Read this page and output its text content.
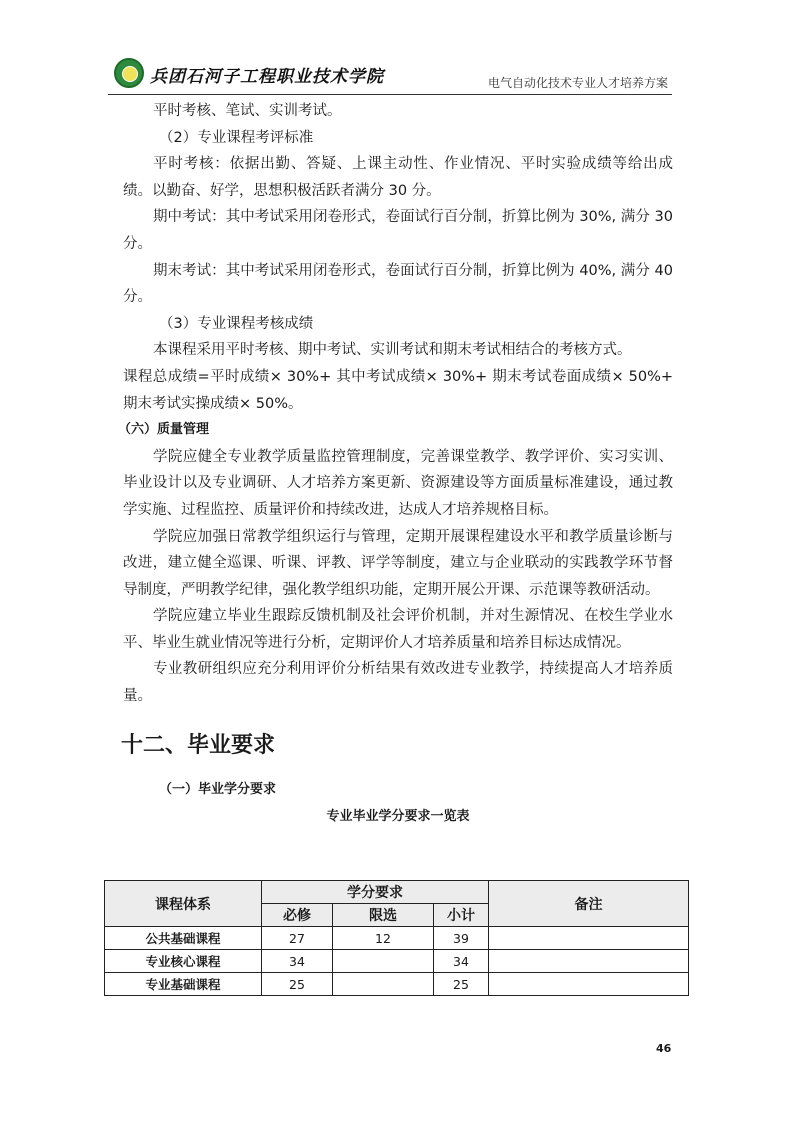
兵团石河子工程职业技术学院	电气自动化技术专业人才培养方案

平时考核、笔试、实训考试。

（2）专业课程考评标准

平时考核：依据出勤、答疑、上课主动性、作业情况、平时实验成绩等给出成绩。以勤奋、好学，思想积极活跃者满分 30 分。

期中考试：其中考试采用闭卷形式，卷面试行百分制，折算比例为 30%, 满分 30 分。

期末考试：其中考试采用闭卷形式，卷面试行百分制，折算比例为 40%, 满分 40 分。

（3）专业课程考核成绩

本课程采用平时考核、期中考试、实训考试和期末考试相结合的考核方式。

课程总成绩=平时成绩× 30%+ 其中考试成绩× 30%+ 期末考试卷面成绩× 50%+ 期末考试实操成绩× 50%。

（六）质量管理

学院应健全专业教学质量监控管理制度，完善课堂教学、教学评价、实习实训、毕业设计以及专业调研、人才培养方案更新、资源建设等方面质量标准建设，通过教学实施、过程监控、质量评价和持续改进，达成人才培养规格目标。

学院应加强日常教学组织运行与管理，定期开展课程建设水平和教学质量诊断与改进，建立健全巡课、听课、评教、评学等制度，建立与企业联动的实践教学环节督导制度，严明教学纪律，强化教学组织功能，定期开展公开课、示范课等教研活动。

学院应建立毕业生跟踪反馈机制及社会评价机制，并对生源情况、在校生学业水平、毕业生就业情况等进行分析，定期评价人才培养质量和培养目标达成情况。

专业教研组织应充分利用评价分析结果有效改进专业教学，持续提高人才培养质量。

十二、毕业要求
（一）毕业学分要求
专业毕业学分要求一览表
课程体系	学分要求			备注
	必修	限选	小计	
公共基础课程	27	12	39	
专业核心课程	34		34	
专业基础课程	25		25	
46
